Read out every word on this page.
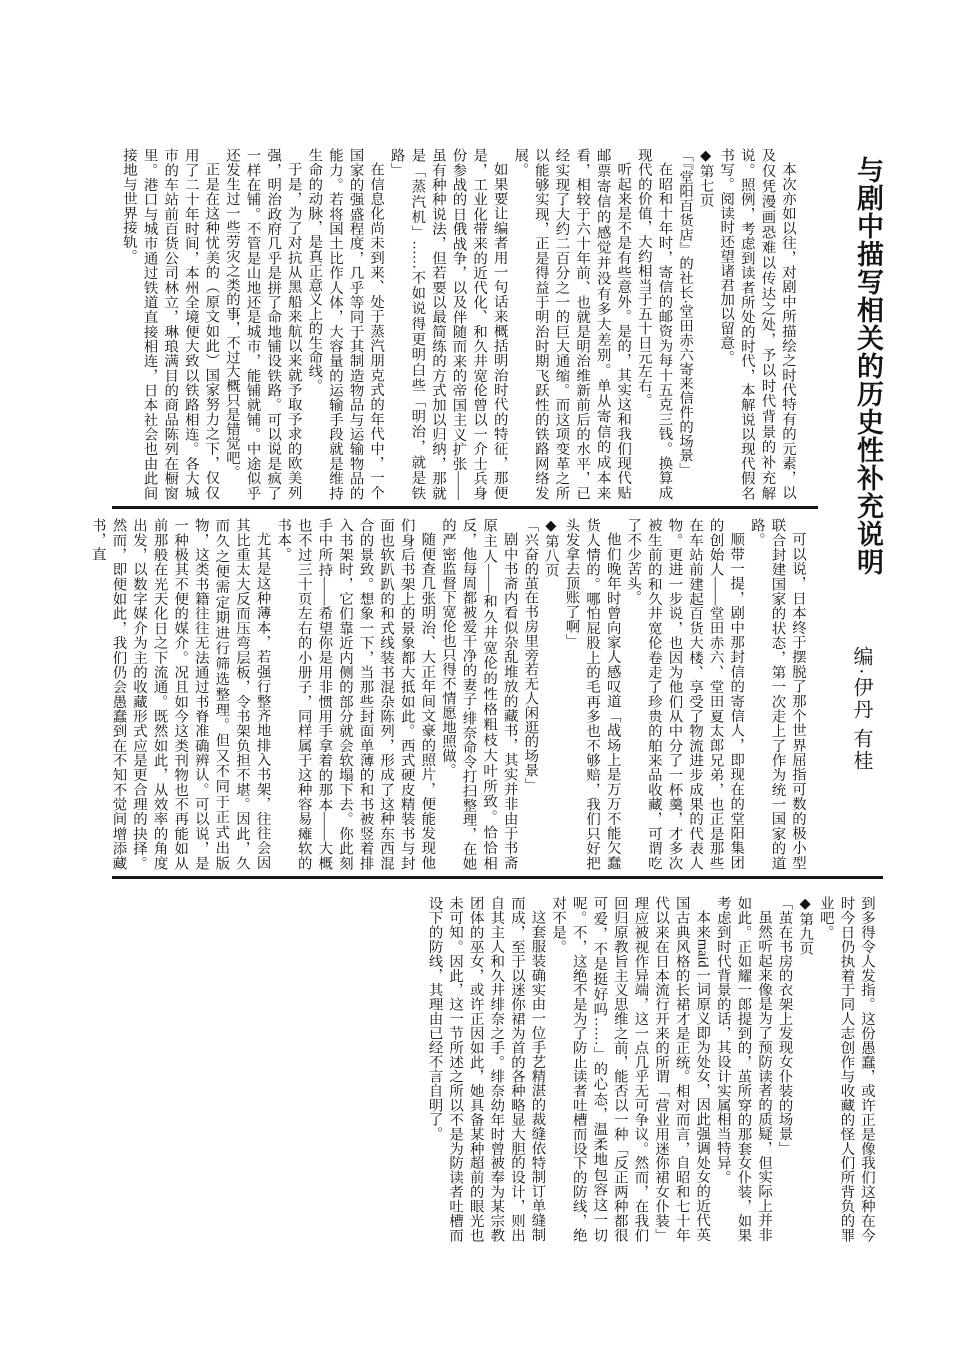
与剧中描写相关的历史性补充说明
编·伊丹 有桂

本次亦如以往，对剧中所描绘之时代特有的元素，以及仅凭漫画恐难以传达之处，予以时代背景的补充解说。照例，考虑到读者所处的时代，本解说以现代假名书写。阅读时还望诸君加以留意。

◆第七页

「『堂阳百货店』的社长·堂田赤六寄来信件的场景」

在昭和十年时，寄信的邮资为每十五克三钱。换算成现代的价值，大约相当于五十日元左右。

听起来是不是有些意外。是的，其实这和我们现代贴邮票寄信的感觉并没有多大差别。单从寄信的成本来看，相较于六十年前、也就是明治维新前后的水平，已经实现了大约二百分之一的巨大通缩。而这项变革之所以能够实现，正是得益于明治时期飞跃性的铁路网络发展。

如果要让编者用一句话来概括明治时代的特征，那便是，工业化带来的近代化、和久井宽伦曾以一介士兵身份参战的日俄战争，以及伴随而来的帝国主义扩张——虽有种种说法，但若要以最简练的方式加以归纳，那就是「蒸汽机」……不如说得更明白些「明治，就是铁路」

在信息化尚未到来、处于蒸汽朋克式的年代中，一个国家的强盛程度，几乎等同于其制造物品与运输物品的能力。若将国土比作人体，大容量的运输手段就是维持生命的动脉，是真正意义上的生命线。

于是，为了对抗从黑船来航以来就予取予求的欧美列强，明治政府几乎是拼了命地铺设铁路。可以说是疯了一样在铺。不管是山地还是城市，能铺就铺。中途似乎还发生过一些劳灾之类的事，不过大概只是错觉吧。

正是在这种忧美的（原文如此）国家努力之下，仅仅用了二十年时间，本州全境便大致以铁路相连。各大城市的车站前百货公司林立，琳琅满目的商品陈列在橱窗里。港口与城市通过铁道直接相连，日本社会也由此间接地与世界接轨。

可以说，日本终于摆脱了那个世界屈指可数的极小型联合封建国家的状态，第一次走上了作为统一国家的道路。

顺带一提，剧中那封信的寄信人，即现在的堂阳集团的创始人——堂田赤六、堂田夏太郎兄弟，也正是那些在车站前建起百货大楼、享受了物流进步成果的代表人物。更进一步说，也因为他们从中分了一杯羹，才多次被生前的和久井宽伦卷走了珍贵的舶来品收藏，可谓吃了不少苦头。

他们晚年时曾向家人感叹道「战场上是万万不能欠蠢货人情的。哪怕屁股上的毛再多也不够赔，我们只好把头发拿去顶账了啊」

◆第八页

「兴奋的茧在书房里旁若无人闲逛的场景」

剧中书斋内看似杂乱堆放的藏书，其实并非由于书斋原主人——和久井宽伦的性格粗枝大叶所致。恰恰相反，他每周都被爱干净的妻子·绯奈命令打扫整理，在她的严密监督下宽伦也只得不情愿地照做。

随便查几张明治、大正年间文豪的照片，便能发现他们身后书架上的景象都大抵如此。西式硬皮精装书与封面也软趴趴的和式线装书混杂陈列，形成了这种东西混合的景致。想象一下，当那些封面单薄的和书被竖着排入书架时，它们靠近内侧的部分就会软塌下去。你此刻手中所持——希望你是用非惯用手拿着的那本——大概也不过三十页左右的小册子，同样属于这种容易瘫软的书本。

尤其是这种薄本，若强行整齐地排入书架，往往会因其比重太大反而压弯层板，令书架负担不堪。因此，久而久之便需定期进行筛选整理。但又不同于正式出版物，这类书籍往往无法通过书脊准确辨认。可以说，是一种极其不便的媒介。况且如今这类刊物也不再能如从前那般在光天化日之下流通。既然如此，从效率的角度出发，以数字媒介为主的收藏形式应是更合理的抉择。然而，即便如此，我们仍会愚蠢到在不知不觉间增添藏书，直

到多得令人发指。这份愚蠢，或许正是像我们这种在今时今日仍执着于同人志创作与收藏的怪人们所背负的罪业吧。

◆第九页

「茧在书房的衣架上发现女仆装的场景」

虽然听起来像是为了预防读者的质疑，但实际上并非如此。正如耀一郎提到的，茧所穿的那套女仆装，如果考虑到时代背景的话，其设计实属相当特异。

本来maid一词原义即为处女，因此强调处女的近代英国古典风格的长裙才是正统。相对而言，自昭和七十年代以来在日本流行开来的所谓「营业用迷你裙女仆装」理应被视作异端，这一点几乎无可争议。然而，在我们回归原教旨主义思维之前，能否以一种「反正两种都很可爱，不是挺好吗……」的心态，温柔地包容这一切呢。不，这绝不是为了防止读者吐槽而设下的防线，绝对不是。

这套服装确实由一位手艺精湛的裁缝依特制订单缝制而成，至于以迷你裙为首的各种略显大胆的设计，则出自其主人和久井绯奈之手。绯奈幼年时曾被奉为某宗教团体的巫女，或许正因如此，她具备某种超前的眼光也未可知。因此，这一节所述之所以不是为防读者吐槽而设下的防线，其理由已经不言自明了。
